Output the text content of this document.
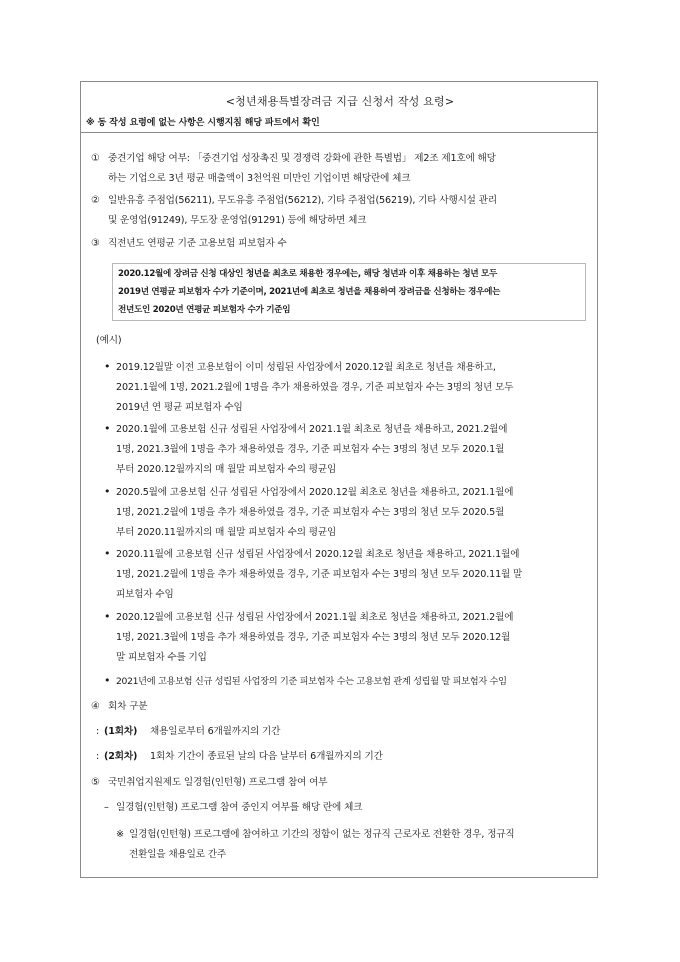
<청년채용특별장려금 지급 신청서 작성 요령>
※ 동 작성 요령에 없는 사항은 시행지침 해당 파트에서 확인
① 중견기업 해당 여부: 「중견기업 성장촉진 및 경쟁력 강화에 관한 특별법」 제2조 제1호에 해당
하는 기업으로 3년 평균 매출액이 3천억원 미만인 기업이면 해당란에 체크
② 일반유흥 주점업(56211), 무도유흥 주점업(56212), 기타 주점업(56219), 기타 사행시설 관리
및 운영업(91249), 무도장 운영업(91291) 등에 해당하면 체크
③ 직전년도 연평균 기준 고용보험 피보험자 수
2020.12월에 장려금 신청 대상인 청년을 최초로 채용한 경우에는, 해당 청년과 이후 채용하는 청년 모두
2019년 연평균 피보험자 수가 기준이며, 2021년에 최초로 청년을 채용하여 장려금을 신청하는 경우에는
전년도인 2020년 연평균 피보험자 수가 기준임
(예시)
• 2019.12월말 이전 고용보험이 이미 성립된 사업장에서 2020.12월 최초로 청년을 채용하고,
2021.1월에 1명, 2021.2월에 1명을 추가 채용하였을 경우, 기준 피보험자 수는 3명의 청년 모두
2019년 연 평균 피보험자 수임
• 2020.1월에 고용보험 신규 성립된 사업장에서 2021.1월 최초로 청년을 채용하고, 2021.2월에
1명, 2021.3월에 1명을 추가 채용하였을 경우, 기준 피보험자 수는 3명의 청년 모두 2020.1월
부터 2020.12월까지의 매 월말 피보험자 수의 평균임
• 2020.5월에 고용보험 신규 성립된 사업장에서 2020.12월 최초로 청년을 채용하고, 2021.1월에
1명, 2021.2월에 1명을 추가 채용하였을 경우, 기준 피보험자 수는 3명의 청년 모두 2020.5월
부터 2020.11월까지의 매 월말 피보험자 수의 평균임
• 2020.11월에 고용보험 신규 성립된 사업장에서 2020.12월 최초로 청년을 채용하고, 2021.1월에
1명, 2021.2월에 1명을 추가 채용하였을 경우, 기준 피보험자 수는 3명의 청년 모두 2020.11월 말
피보험자 수임
• 2020.12월에 고용보험 신규 성립된 사업장에서 2021.1월 최초로 청년을 채용하고, 2021.2월에
1명, 2021.3월에 1명을 추가 채용하였을 경우, 기준 피보험자 수는 3명의 청년 모두 2020.12월
말 피보험자 수를 기입
• 2021년에 고용보험 신규 성립된 사업장의 기준 피보험자 수는 고용보험 관계 성립월 말 피보험자 수임
④ 회차 구분
: (1회차) 채용일로부터 6개월까지의 기간
: (2회차) 1회차 기간이 종료된 날의 다음 날부터 6개월까지의 기간
⑤ 국민취업지원제도 일경험(인턴형) 프로그램 참여 여부
– 일경험(인턴형) 프로그램 참여 중인지 여부를 해당 란에 체크
※ 일경험(인턴형) 프로그램에 참여하고 기간의 정함이 없는 정규직 근로자로 전환한 경우, 정규직
전환일을 채용일로 간주
